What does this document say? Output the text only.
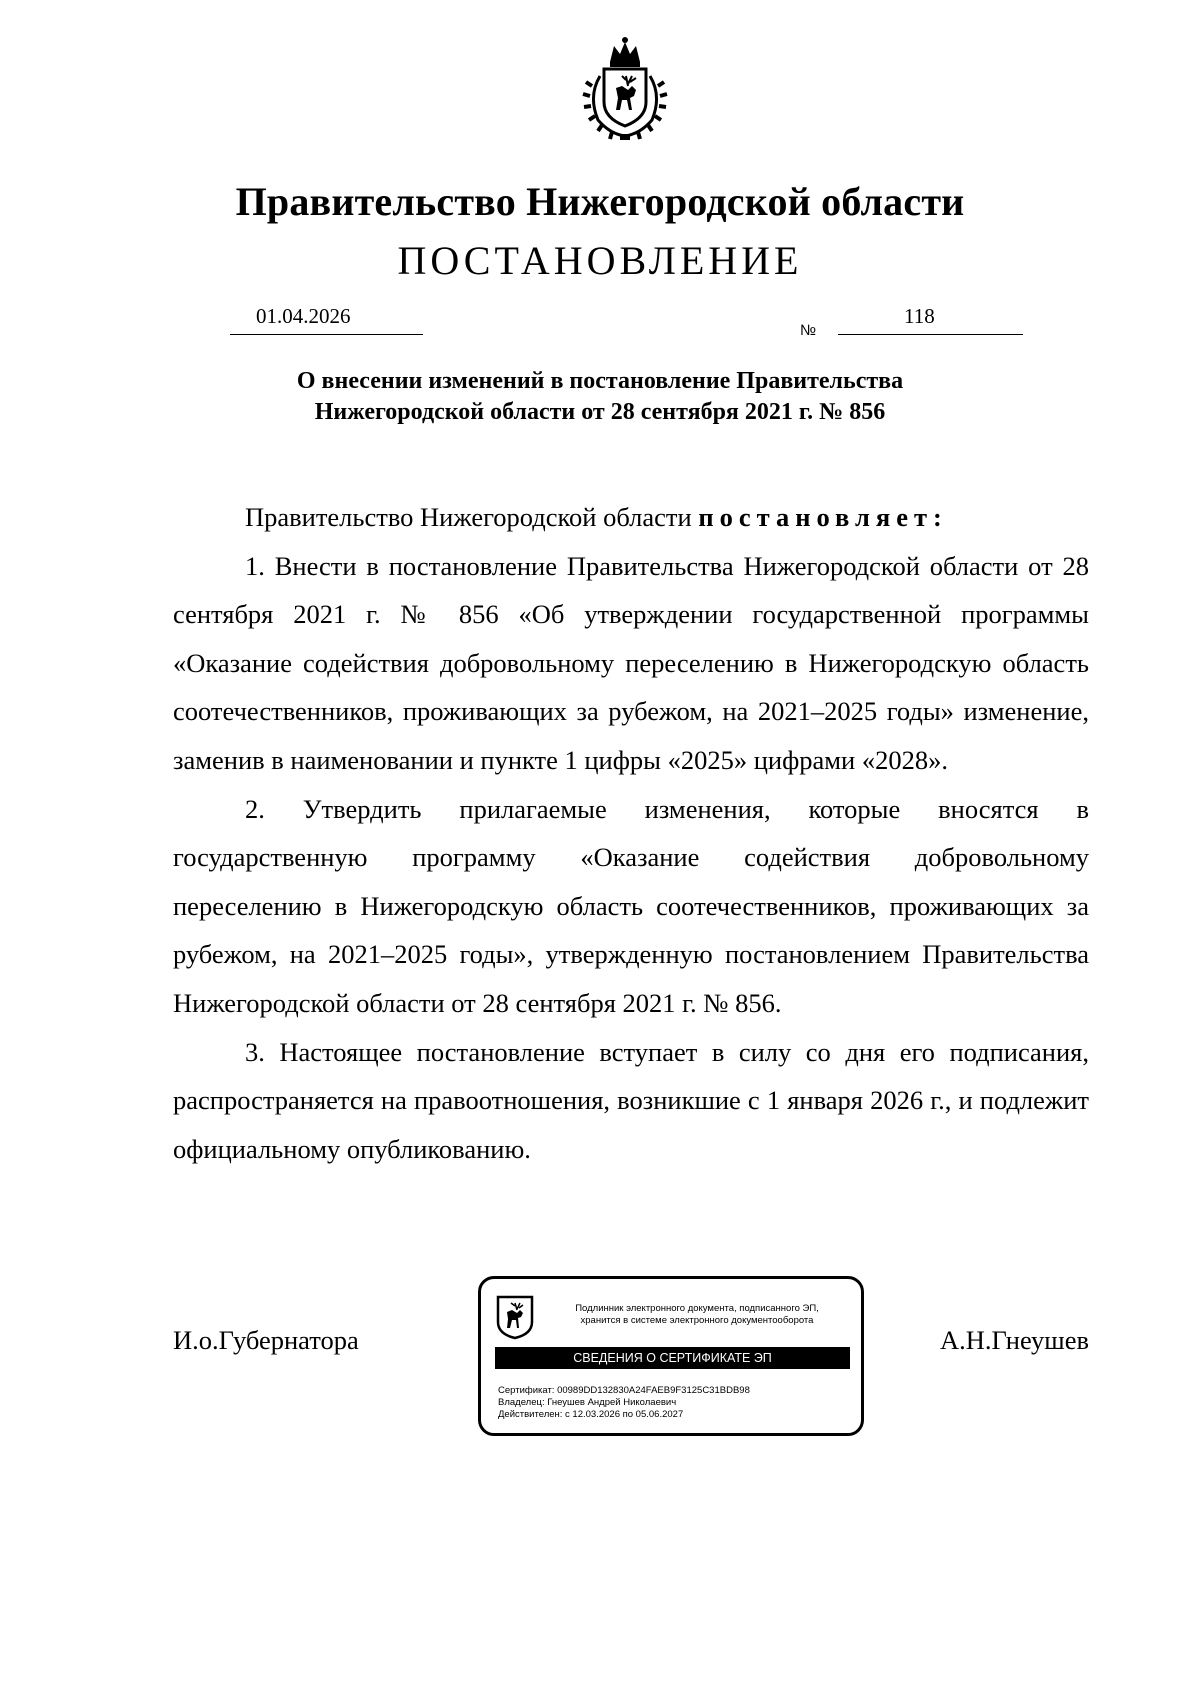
Правительство Нижегородской области
ПОСТАНОВЛЕНИЕ
01.04.2026
№
118
О внесении изменений в постановление Правительства
Нижегородской области от 28 сентября 2021 г. № 856

Правительство Нижегородской области постановляет:

1. Внести в постановление Правительства Нижегородской области от 28 сентября 2021 г. № 856 «Об утверждении государственной программы «Оказание содействия добровольному переселению в Нижегородскую область соотечественников, проживающих за рубежом, на 2021–2025 годы» изменение, заменив в наименовании и пункте 1 цифры «2025» цифрами «2028».

2. Утвердить прилагаемые изменения, которые вносятся в государственную программу «Оказание содействия добровольному переселению в Нижегородскую область соотечественников, проживающих за рубежом, на 2021–2025 годы», утвержденную постановлением Правительства Нижегородской области от 28 сентября 2021 г. № 856.

3. Настоящее постановление вступает в силу со дня его подписания, распространяется на правоотношения, возникшие с 1 января 2026 г., и подлежит официальному опубликованию.

И.о.Губернатора	А.Н.Гнеушев
Подлинник электронного документа, подписанного ЭП,
хранится в системе электронного документооборота
СВЕДЕНИЯ О СЕРТИФИКАТЕ ЭП
Сертификат: 00989DD132830A24FAEB9F3125C31BDB98
Владелец: Гнеушев Андрей Николаевич
Действителен: с 12.03.2026 по 05.06.2027
